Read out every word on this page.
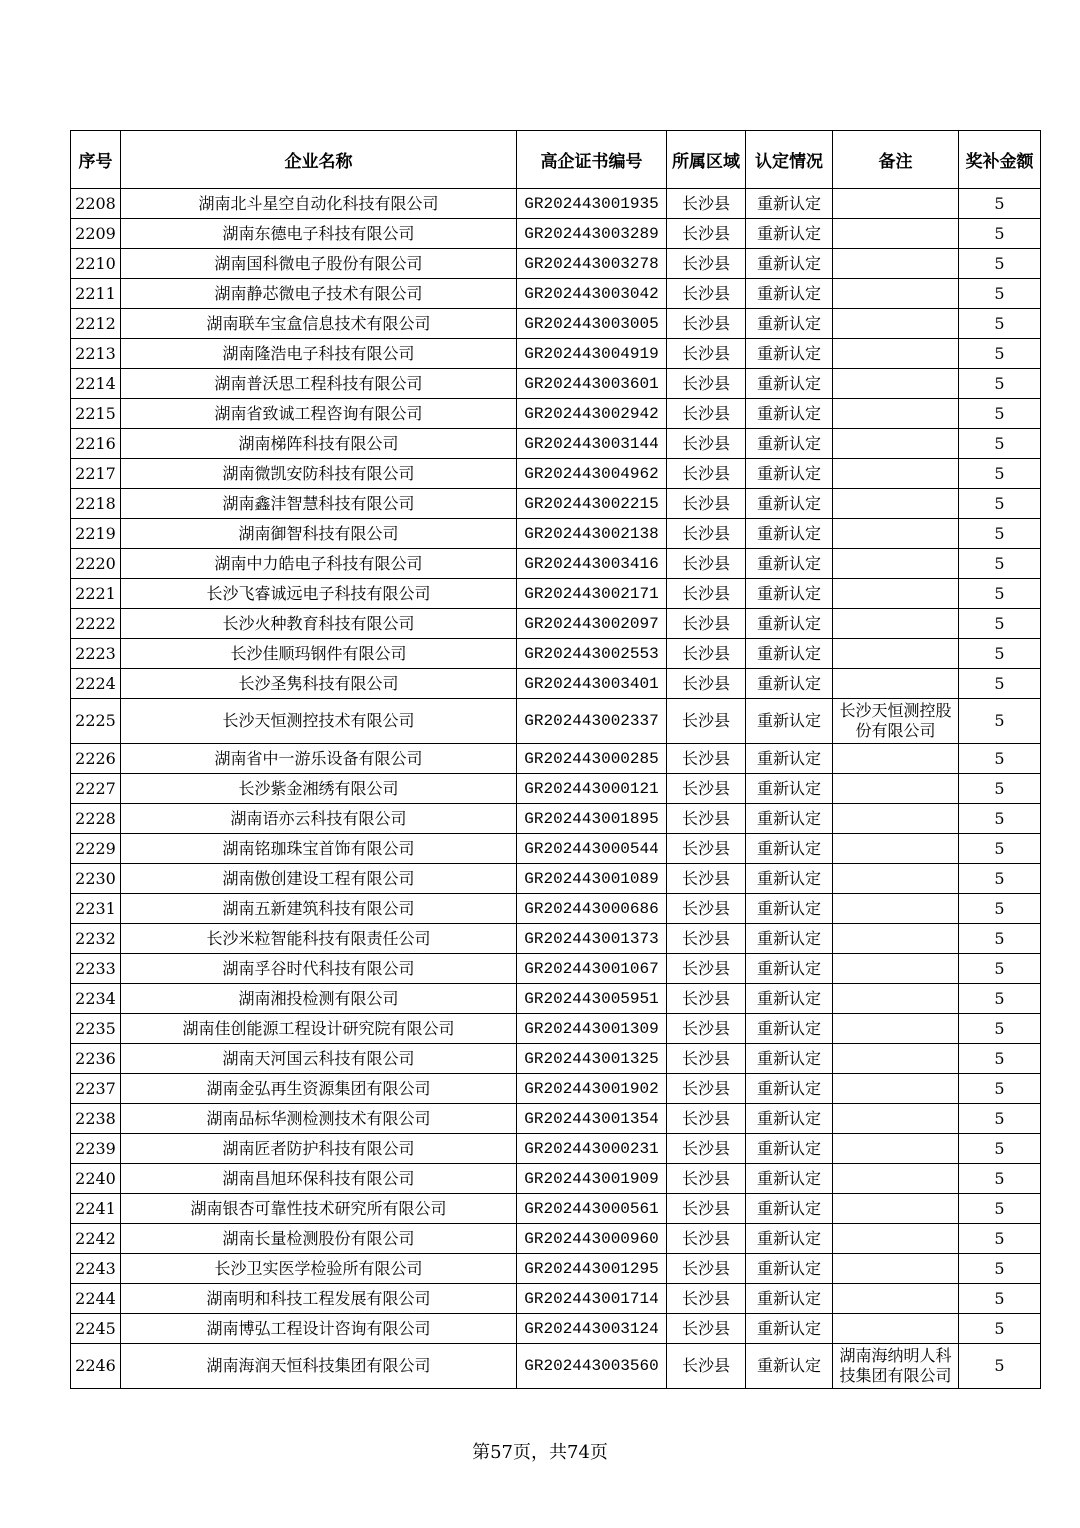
序号	企业名称	高企证书编号	所属区域	认定情况	备注	奖补金额
2208	湖南北斗星空自动化科技有限公司	GR202443001935	长沙县	重新认定		5
2209	湖南东德电子科技有限公司	GR202443003289	长沙县	重新认定		5
2210	湖南国科微电子股份有限公司	GR202443003278	长沙县	重新认定		5
2211	湖南静芯微电子技术有限公司	GR202443003042	长沙县	重新认定		5
2212	湖南联车宝盒信息技术有限公司	GR202443003005	长沙县	重新认定		5
2213	湖南隆浩电子科技有限公司	GR202443004919	长沙县	重新认定		5
2214	湖南普沃思工程科技有限公司	GR202443003601	长沙县	重新认定		5
2215	湖南省致诚工程咨询有限公司	GR202443002942	长沙县	重新认定		5
2216	湖南梯阵科技有限公司	GR202443003144	长沙县	重新认定		5
2217	湖南微凯安防科技有限公司	GR202443004962	长沙县	重新认定		5
2218	湖南鑫沣智慧科技有限公司	GR202443002215	长沙县	重新认定		5
2219	湖南御智科技有限公司	GR202443002138	长沙县	重新认定		5
2220	湖南中力皓电子科技有限公司	GR202443003416	长沙县	重新认定		5
2221	长沙飞睿诚远电子科技有限公司	GR202443002171	长沙县	重新认定		5
2222	长沙火种教育科技有限公司	GR202443002097	长沙县	重新认定		5
2223	长沙佳顺玛钢件有限公司	GR202443002553	长沙县	重新认定		5
2224	长沙圣隽科技有限公司	GR202443003401	长沙县	重新认定		5
2225	长沙天恒测控技术有限公司	GR202443002337	长沙县	重新认定	长沙天恒测控股份有限公司	5
2226	湖南省中一游乐设备有限公司	GR202443000285	长沙县	重新认定		5
2227	长沙紫金湘绣有限公司	GR202443000121	长沙县	重新认定		5
2228	湖南语亦云科技有限公司	GR202443001895	长沙县	重新认定		5
2229	湖南铭珈珠宝首饰有限公司	GR202443000544	长沙县	重新认定		5
2230	湖南傲创建设工程有限公司	GR202443001089	长沙县	重新认定		5
2231	湖南五新建筑科技有限公司	GR202443000686	长沙县	重新认定		5
2232	长沙米粒智能科技有限责任公司	GR202443001373	长沙县	重新认定		5
2233	湖南孚谷时代科技有限公司	GR202443001067	长沙县	重新认定		5
2234	湖南湘投检测有限公司	GR202443005951	长沙县	重新认定		5
2235	湖南佳创能源工程设计研究院有限公司	GR202443001309	长沙县	重新认定		5
2236	湖南天河国云科技有限公司	GR202443001325	长沙县	重新认定		5
2237	湖南金弘再生资源集团有限公司	GR202443001902	长沙县	重新认定		5
2238	湖南品标华测检测技术有限公司	GR202443001354	长沙县	重新认定		5
2239	湖南匠者防护科技有限公司	GR202443000231	长沙县	重新认定		5
2240	湖南昌旭环保科技有限公司	GR202443001909	长沙县	重新认定		5
2241	湖南银杏可靠性技术研究所有限公司	GR202443000561	长沙县	重新认定		5
2242	湖南长量检测股份有限公司	GR202443000960	长沙县	重新认定		5
2243	长沙卫实医学检验所有限公司	GR202443001295	长沙县	重新认定		5
2244	湖南明和科技工程发展有限公司	GR202443001714	长沙县	重新认定		5
2245	湖南博弘工程设计咨询有限公司	GR202443003124	长沙县	重新认定		5
2246	湖南海润天恒科技集团有限公司	GR202443003560	长沙县	重新认定	湖南海纳明人科技集团有限公司	5
第57页，共74页
